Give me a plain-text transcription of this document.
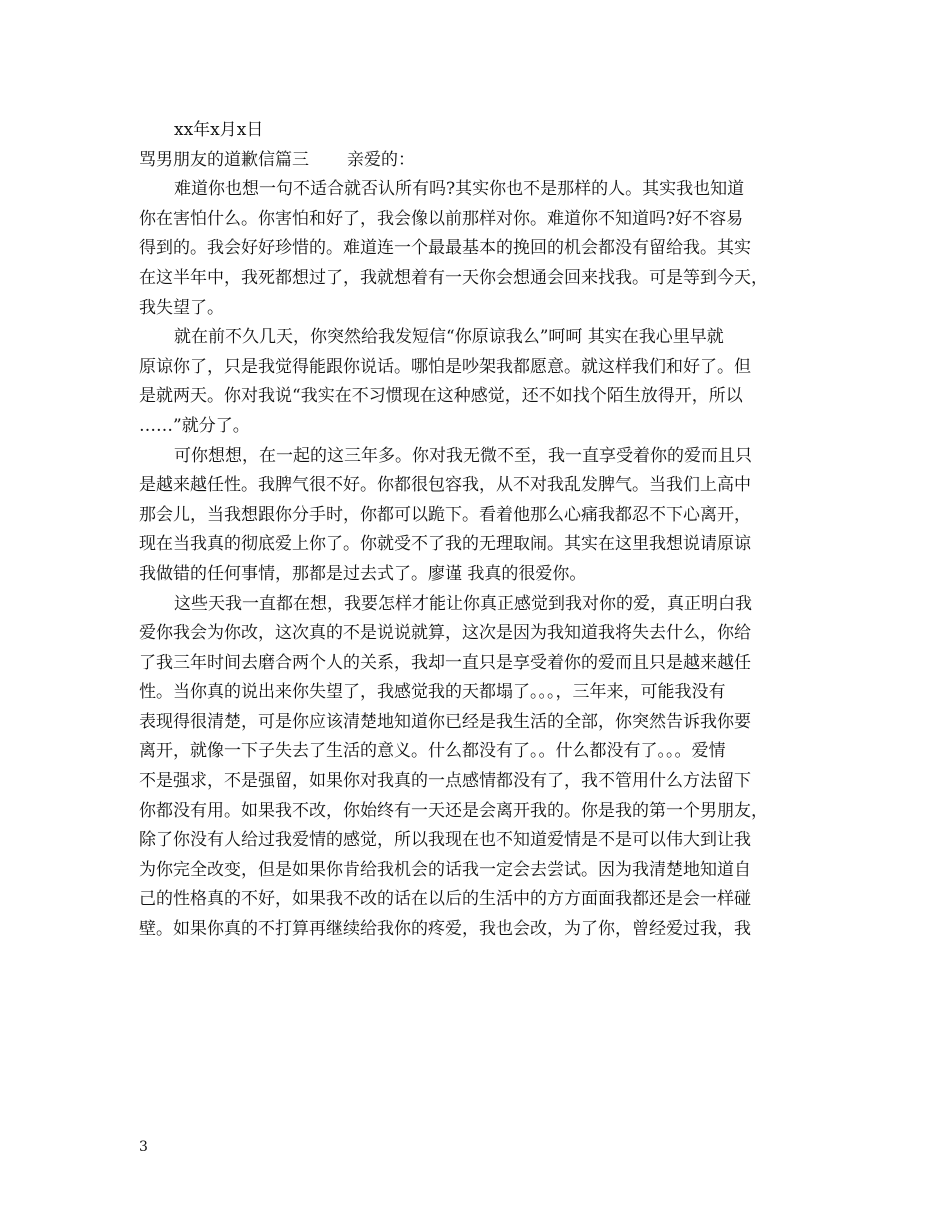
xx年x月x日
骂男朋友的道歉信篇三 亲爱的：
难道你也想一句不适合就否认所有吗?其实你也不是那样的人。其实我也知道
你在害怕什么。你害怕和好了，我会像以前那样对你。难道你不知道吗?好不容易
得到的。我会好好珍惜的。难道连一个最最基本的挽回的机会都没有留给我。其实
在这半年中，我死都想过了，我就想着有一天你会想通会回来找我。可是等到今天，
我失望了。
就在前不久几天，你突然给我发短信“你原谅我么”呵呵 其实在我心里早就
原谅你了，只是我觉得能跟你说话。哪怕是吵架我都愿意。就这样我们和好了。但
是就两天。你对我说“我实在不习惯现在这种感觉，还不如找个陌生放得开，所以
……”就分了。
可你想想，在一起的这三年多。你对我无微不至，我一直享受着你的爱而且只
是越来越任性。我脾气很不好。你都很包容我，从不对我乱发脾气。当我们上高中
那会儿，当我想跟你分手时，你都可以跪下。看着他那么心痛我都忍不下心离开，
现在当我真的彻底爱上你了。你就受不了我的无理取闹。其实在这里我想说请原谅
我做错的任何事情，那都是过去式了。廖谨 我真的很爱你。
这些天我一直都在想，我要怎样才能让你真正感觉到我对你的爱，真正明白我
爱你我会为你改，这次真的不是说说就算，这次是因为我知道我将失去什么，你给
了我三年时间去磨合两个人的关系，我却一直只是享受着你的爱而且只是越来越任
性。当你真的说出来你失望了，我感觉我的天都塌了。。。，三年来，可能我没有
表现得很清楚，可是你应该清楚地知道你已经是我生活的全部，你突然告诉我你要
离开，就像一下子失去了生活的意义。什么都没有了。。什么都没有了。。。爱情
不是强求，不是强留，如果你对我真的一点感情都没有了，我不管用什么方法留下
你都没有用。如果我不改，你始终有一天还是会离开我的。你是我的第一个男朋友，
除了你没有人给过我爱情的感觉，所以我现在也不知道爱情是不是可以伟大到让我
为你完全改变，但是如果你肯给我机会的话我一定会去尝试。因为我清楚地知道自
己的性格真的不好，如果我不改的话在以后的生活中的方方面面我都还是会一样碰
壁。如果你真的不打算再继续给我你的疼爱，我也会改，为了你，曾经爱过我，我
3
